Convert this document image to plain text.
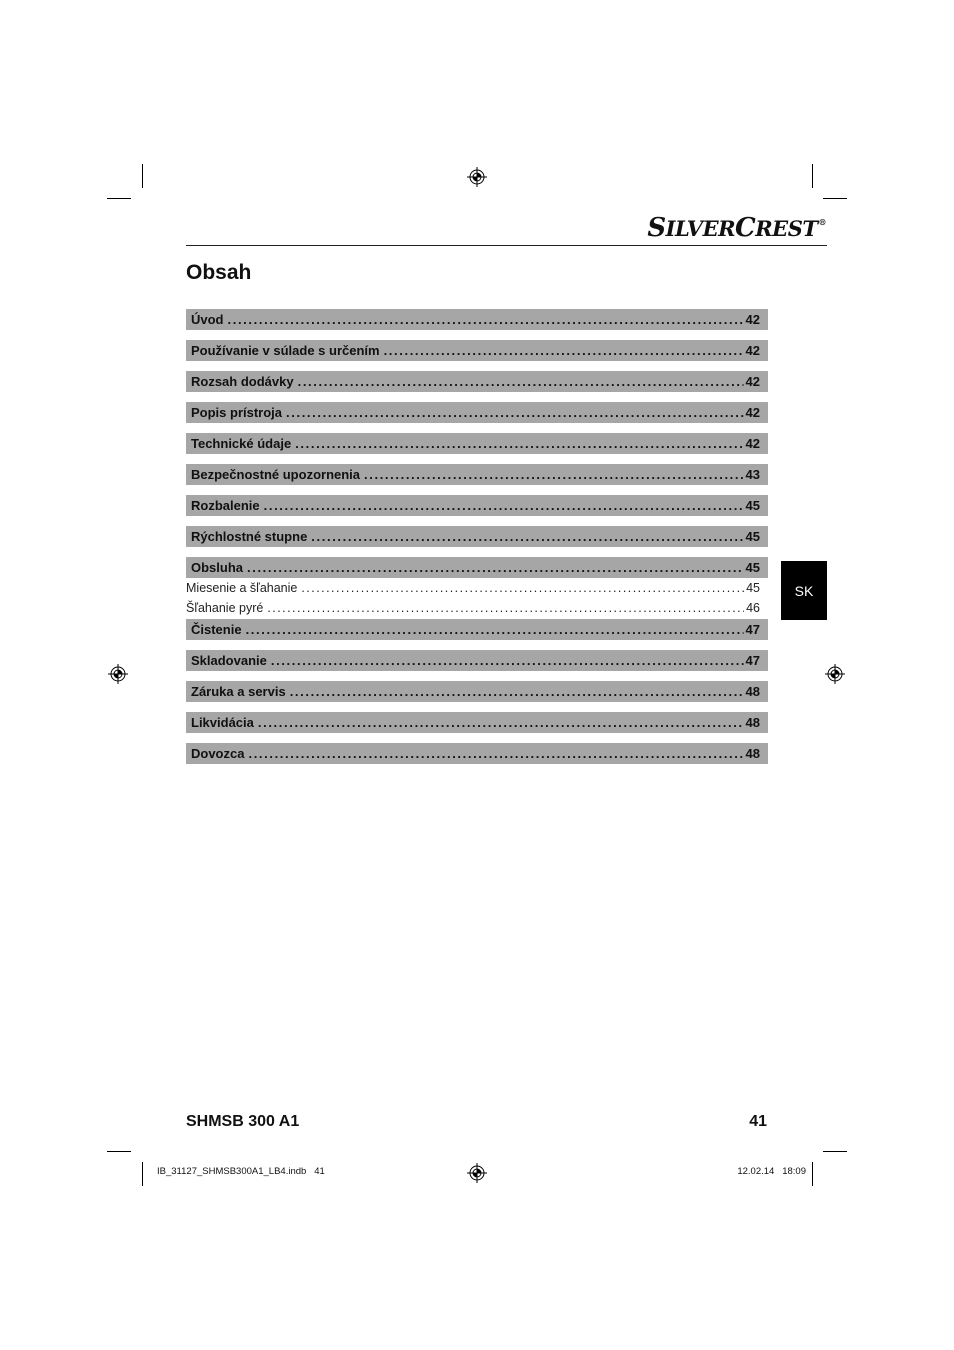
SILVERCREST®
Obsah
Úvod . . .	42
Používanie v súlade s určením . . .	42
Rozsah dodávky . . .	42
Popis prístroja . . .	42
Technické údaje . . .	42
Bezpečnostné upozornenia . . .	43
Rozbalenie . . .	45
Rýchlostné stupne . . .	45
Obsluha . . .	45
Miesenie a šľahanie . . .	45
Šľahanie pyré . . .	46
Čistenie . . .	47
Skladovanie . . .	47
Záruka a servis . . .	48
Likvidácia . . .	48
Dovozca . . .	48
SK
SHMSB 300 A1	41
IB_31127_SHMSB300A1_LB4.indb   41	12.02.14   18:09
